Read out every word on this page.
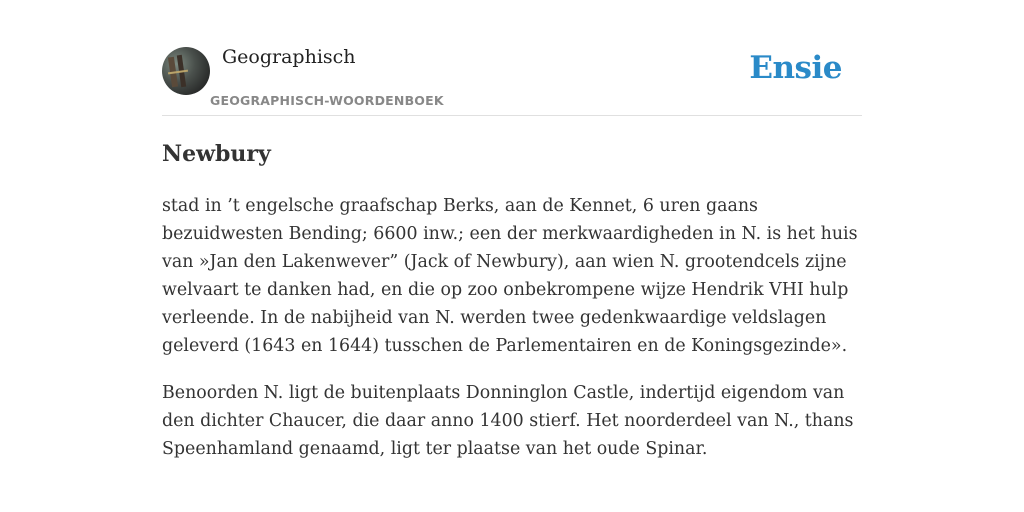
Geographisch
GEOGRAPHISCH-WOORDENBOEK
Ensie
Newbury

stad in ’t engelsche graafschap Berks, aan de Kennet, 6 uren gaans bezuidwesten Bending; 6600 inw.; een der merkwaardigheden in N. is het huis van »Jan den Lakenwever” (Jack of Newbury), aan wien N. grootendcels zijne welvaart te danken had, en die op zoo onbekrompene wijze Hendrik VHI hulp verleende. In de nabijheid van N. werden twee gedenkwaardige veldslagen geleverd (1643 en 1644) tusschen de Parlementairen en de Koningsgezinde».

Benoorden N. ligt de buitenplaats Donninglon Castle, indertijd eigendom van den dichter Chaucer, die daar anno 1400 stierf. Het noorderdeel van N., thans Speenhamland genaamd, ligt ter plaatse van het oude Spinar.
